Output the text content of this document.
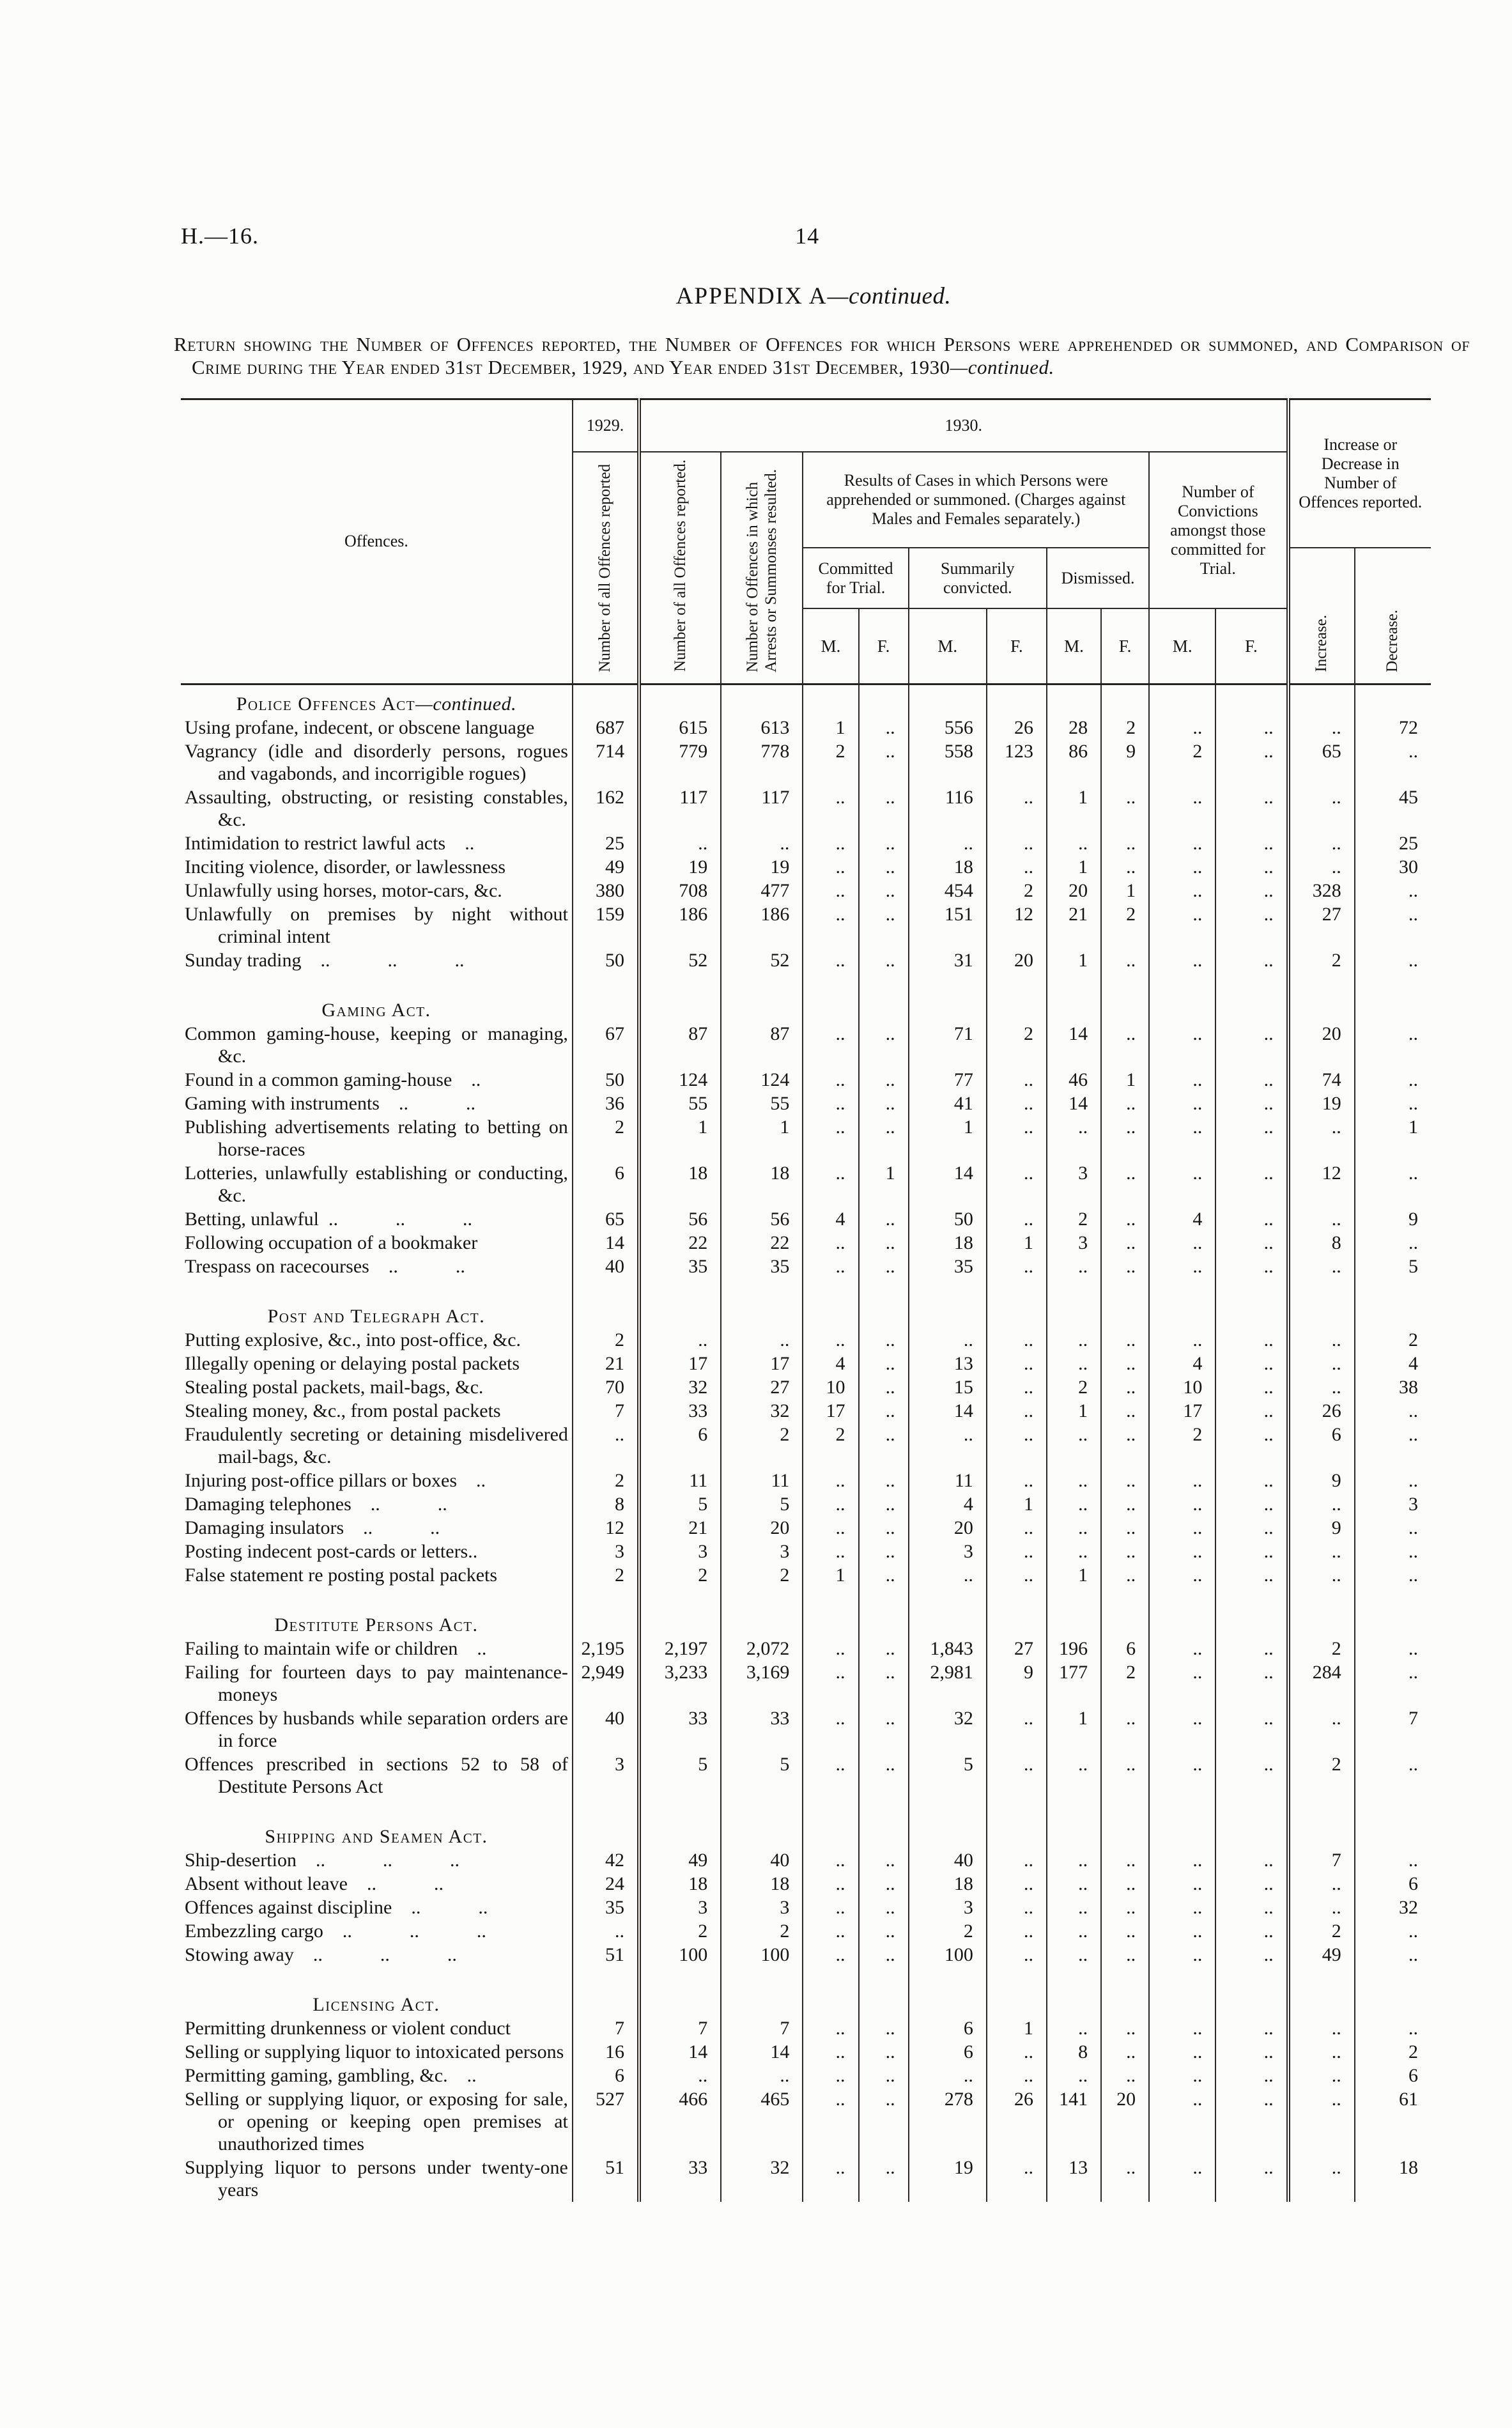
H.—16.	14
APPENDIX A—continued.
Return showing the Number of Offences reported, the Number of Offences for which Persons were apprehended or summoned, and Comparison of Crime during the Year ended 31st December, 1929, and Year ended 31st December, 1930—continued.
Offences.	1929.	1930.										Increase or Decrease in Number of Offences reported.	
	Number of all Offences reported	Number of all Offences reported.	Number of Offences in which Arrests or Summonses resulted.	Results of Cases in which Persons were apprehended or summoned. (Charges against Males and Females separately.)						Number of Convictions amongst those committed for Trial.			
				Committed for Trial.		Summarily convicted.		Dismissed.				Increase.	Decrease.
				M.	F.	M.	F.	M.	F.	M.	F.		
Police Offences Act—continued.													

Using profane, indecent, or obscene language	687	615	613	1	..	556	26	28	2	..	..	..	72

Vagrancy (idle and disorderly persons, rogues and vagabonds, and incorrigible rogues)	714	779	778	2	..	558	123	86	9	2	..	65	..

Assaulting, obstructing, or resisting constables, &c.	162	117	117	..	..	116	..	1	..	..	..	..	45

Intimidation to restrict lawful acts ..	25	..	..	..	..	..	..	..	..	..	..	..	25

Inciting violence, disorder, or lawlessness	49	19	19	..	..	18	..	1	..	..	..	..	30

Unlawfully using horses, motor-cars, &c.	380	708	477	..	..	454	2	20	1	..	..	328	..

Unlawfully on premises by night without criminal intent	159	186	186	..	..	151	12	21	2	..	..	27	..

Sunday trading ..   ..   ..	50	52	52	..	..	31	20	1	..	..	..	2	..
Gaming Act.													

Common gaming-house, keeping or managing, &c.	67	87	87	..	..	71	2	14	..	..	..	20	..

Found in a common gaming-house ..	50	124	124	..	..	77	..	46	1	..	..	74	..

Gaming with instruments ..   ..	36	55	55	..	..	41	..	14	..	..	..	19	..

Publishing advertisements relating to betting on horse-races	2	1	1	..	..	1	..	..	..	..	..	..	1

Lotteries, unlawfully establishing or conducting, &c.	6	18	18	..	1	14	..	3	..	..	..	12	..

Betting, unlawful ..   ..   ..	65	56	56	4	..	50	..	2	..	4	..	..	9

Following occupation of a bookmaker	14	22	22	..	..	18	1	3	..	..	..	8	..

Trespass on racecourses ..   ..	40	35	35	..	..	35	..	..	..	..	..	..	5
Post and Telegraph Act.													

Putting explosive, &c., into post-office, &c.	2	..	..	..	..	..	..	..	..	..	..	..	2

Illegally opening or delaying postal packets	21	17	17	4	..	13	..	..	..	4	..	..	4

Stealing postal packets, mail-bags, &c.	70	32	27	10	..	15	..	2	..	10	..	..	38

Stealing money, &c., from postal packets	7	33	32	17	..	14	..	1	..	17	..	26	..

Fraudulently secreting or detaining misdelivered mail-bags, &c.	..	6	2	2	..	..	..	..	..	2	..	6	..

Injuring post-office pillars or boxes ..	2	11	11	..	..	11	..	..	..	..	..	9	..

Damaging telephones ..   ..	8	5	5	..	..	4	1	..	..	..	..	..	3

Damaging insulators ..   ..	12	21	20	..	..	20	..	..	..	..	..	9	..

Posting indecent post-cards or letters..	3	3	3	..	..	3	..	..	..	..	..	..	..

False statement re posting postal packets	2	2	2	1	..	..	..	1	..	..	..	..	..
Destitute Persons Act.													

Failing to maintain wife or children ..	2,195	2,197	2,072	..	..	1,843	27	196	6	..	..	2	..

Failing for fourteen days to pay maintenance-moneys	2,949	3,233	3,169	..	..	2,981	9	177	2	..	..	284	..

Offences by husbands while separation orders are in force	40	33	33	..	..	32	..	1	..	..	..	..	7

Offences prescribed in sections 52 to 58 of Destitute Persons Act	3	5	5	..	..	5	..	..	..	..	..	2	..
Shipping and Seamen Act.													

Ship-desertion ..   ..   ..	42	49	40	..	..	40	..	..	..	..	..	7	..

Absent without leave ..   ..	24	18	18	..	..	18	..	..	..	..	..	..	6

Offences against discipline ..   ..	35	3	3	..	..	3	..	..	..	..	..	..	32

Embezzling cargo ..   ..   ..	..	2	2	..	..	2	..	..	..	..	..	2	..

Stowing away ..   ..   ..	51	100	100	..	..	100	..	..	..	..	..	49	..
Licensing Act.													

Permitting drunkenness or violent conduct	7	7	7	..	..	6	1	..	..	..	..	..	..

Selling or supplying liquor to intoxicated persons	16	14	14	..	..	6	..	8	..	..	..	..	2

Permitting gaming, gambling, &c. ..	6	..	..	..	..	..	..	..	..	..	..	..	6

Selling or supplying liquor, or exposing for sale, or opening or keeping open premises at unauthorized times	527	466	465	..	..	278	26	141	20	..	..	..	61

Supplying liquor to persons under twenty-one years	51	33	32	..	..	19	..	13	..	..	..	..	18
